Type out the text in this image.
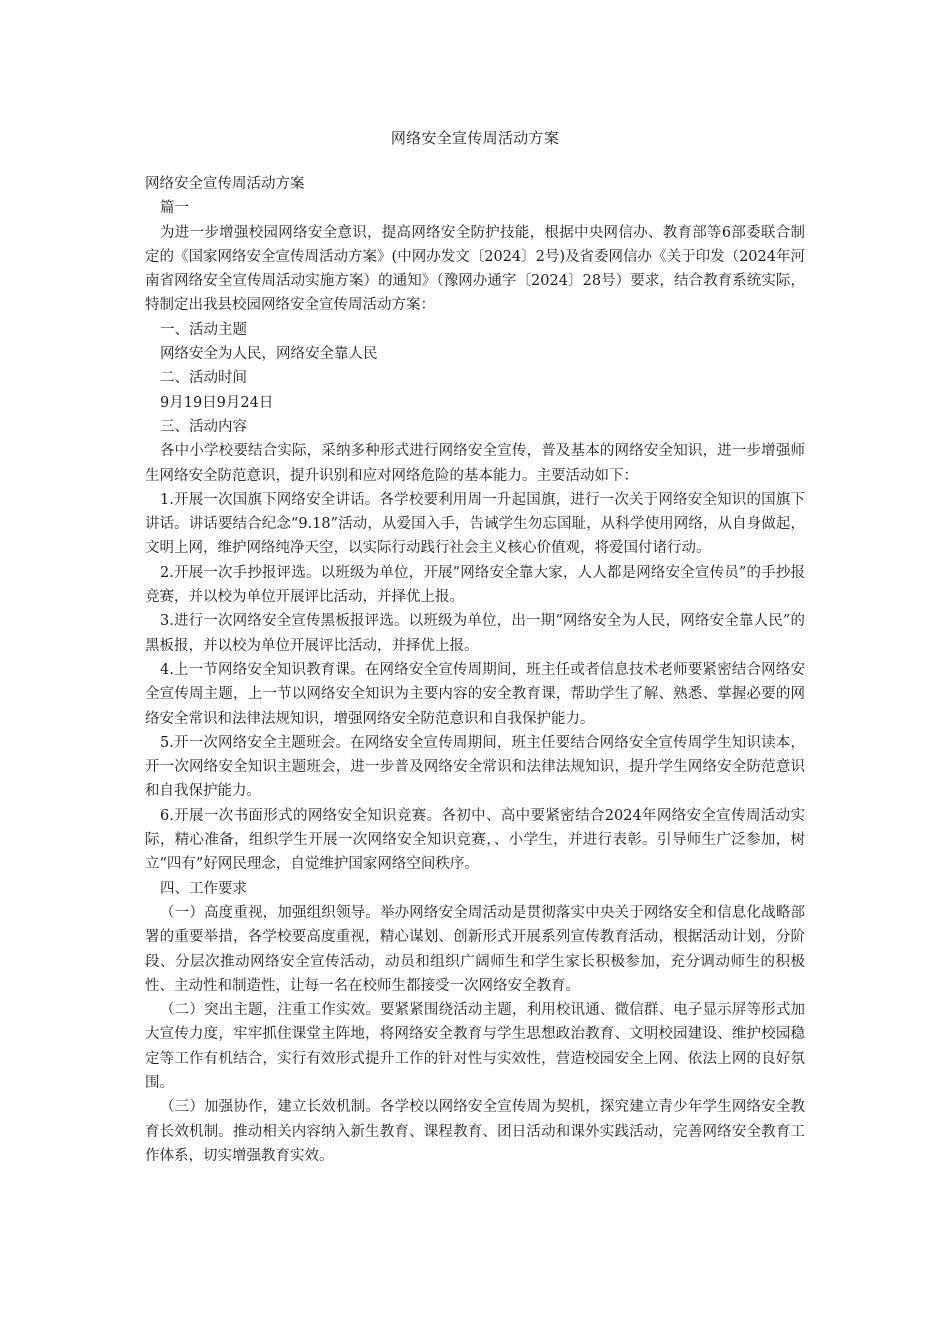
网络安全宣传周活动方案

网络安全宣传周活动方案

篇一

为进一步增强校园网络安全意识，提高网络安全防护技能，根据中央网信办、教育部等6部委联合制定的《国家网络安全宣传周活动方案》(中网办发文〔2024〕2号)及省委网信办《关于印发（2024年河南省网络安全宣传周活动实施方案）的通知》（豫网办通字〔2024〕28号）要求，结合教育系统实际，特制定出我县校园网络安全宣传周活动方案：

一、活动主题

网络安全为人民，网络安全靠人民

二、活动时间

9月19日9月24日

三、活动内容

各中小学校要结合实际，采纳多种形式进行网络安全宣传，普及基本的网络安全知识，进一步增强师生网络安全防范意识，提升识别和应对网络危险的基本能力。主要活动如下：

1.开展一次国旗下网络安全讲话。各学校要利用周一升起国旗，进行一次关于网络安全知识的国旗下讲话。讲话要结合纪念“9.18”活动，从爱国入手，告诫学生勿忘国耻，从科学使用网络，从自身做起，文明上网，维护网络纯净天空，以实际行动践行社会主义核心价值观，将爱国付诸行动。

2.开展一次手抄报评选。以班级为单位，开展“网络安全靠大家，人人都是网络安全宣传员”的手抄报竞赛，并以校为单位开展评比活动，并择优上报。

3.进行一次网络安全宣传黑板报评选。以班级为单位，出一期“网络安全为人民，网络安全靠人民”的黑板报，并以校为单位开展评比活动，并择优上报。

4.上一节网络安全知识教育课。在网络安全宣传周期间，班主任或者信息技术老师要紧密结合网络安全宣传周主题，上一节以网络安全知识为主要内容的安全教育课，帮助学生了解、熟悉、掌握必要的网络安全常识和法律法规知识，增强网络安全防范意识和自我保护能力。

5.开一次网络安全主题班会。在网络安全宣传周期间，班主任要结合网络安全宣传周学生知识读本，开一次网络安全知识主题班会，进一步普及网络安全常识和法律法规知识，提升学生网络安全防范意识和自我保护能力。

6.开展一次书面形式的网络安全知识竞赛。各初中、高中要紧密结合2024年网络安全宣传周活动实际，精心准备，组织学生开展一次网络安全知识竞赛，、小学生，并进行表彰。引导师生广泛参加，树立“四有”好网民理念，自觉维护国家网络空间秩序。

四、工作要求

（一）高度重视，加强组织领导。举办网络安全周活动是贯彻落实中央关于网络安全和信息化战略部署的重要举措，各学校要高度重视，精心谋划、创新形式开展系列宣传教育活动，根据活动计划，分阶段、分层次推动网络安全宣传活动，动员和组织广阔师生和学生家长积极参加，充分调动师生的积极性、主动性和制造性，让每一名在校师生都接受一次网络安全教育。

（二）突出主题，注重工作实效。要紧紧围绕活动主题，利用校讯通、微信群、电子显示屏等形式加大宣传力度，牢牢抓住课堂主阵地，将网络安全教育与学生思想政治教育、文明校园建设、维护校园稳定等工作有机结合，实行有效形式提升工作的针对性与实效性，营造校园安全上网、依法上网的良好氛围。

（三）加强协作，建立长效机制。各学校以网络安全宣传周为契机，探究建立青少年学生网络安全教育长效机制。推动相关内容纳入新生教育、课程教育、团日活动和课外实践活动，完善网络安全教育工作体系，切实增强教育实效。
